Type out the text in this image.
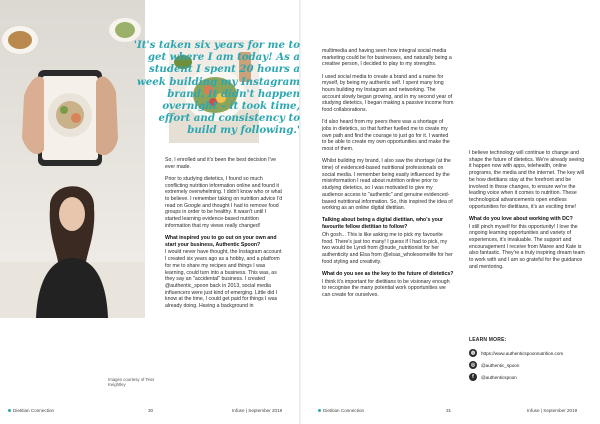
'It's taken six years for me to get where I am today! As a student I spent 20 hours a week building my Instagram brand. It didn't happen overnight – it took time, effort and consistency to build my following.'

So, I enrolled and it's been the best decision I've ever made.

Prior to studying dietetics, I found so much conflicting nutrition information online and found it extremely overwhelming. I didn't know who or what to believe. I remember taking on nutrition advice I'd read on Google and thought I had to remove food groups in order to be healthy. It wasn't until I started learning evidence-based nutrition information that my views really changed!

What inspired you to go out on your own and start your business, Authentic Spoon?

I would never have thought, the Instagram account I created six years ago as a hobby, and a platform for me to share my recipes and things I was learning, could turn into a business. This was, as they say an "accidental" business. I created @authentic_spoon back in 2013, social media influencers were just kind of emerging. Little did I know at the time, I could get paid for things I was already doing. Having a background in

multimedia and having seen how integral social media marketing could be for businesses, and naturally being a creative person, I decided to play to my strengths.

I used social media to create a brand and a name for myself, by being my authentic self. I spent many long hours building my Instagram and networking. The account slowly began growing, and in my second year of studying dietetics, I began making a passive income from food collaborations.

I'd also heard from my peers there was a shortage of jobs in dietetics, so that further fuelled me to create my own path and find the courage to just go for it. I wanted to be able to create my own opportunities and make the most of them.

Whilst building my brand, I also saw the shortage (at the time) of evidenced-based nutritional professionals on social media. I remember being easily influenced by the misinformation I read about nutrition online prior to studying dietetics, so I was motivated to give my audience access to "authentic" and genuine evidenced-based nutritional information. So, this inspired the idea of working as an online digital dietitian.

Talking about being a digital dietitian, who's your favourite fellow dietitian to follow?

Oh gosh... This is like asking me to pick my favourite food. There's just too many! I guess if I had to pick, my two would be Lyndi from @nude_nutritionist for her authenticity and Elsa from @elsas_wholesomelife for her food styling and creativity.

What do you see as the key to the future of dietetics?

I think it's important for dietitians to be visionary enough to recognise the many potential work opportunities we can create for ourselves.

I believe technology will continue to change and shape the future of dietetics. We're already seeing it happen now with apps, telehealth, online programs, the media and the internet. The key will be how dietitians stay at the forefront and be involved in these changes, to ensure we're the leading voice when it comes to nutrition. These technological advancements open endless opportunities for dietitians, it's an exciting time!

What do you love about working with DC?

I still pinch myself for this opportunity! I love the ongoing learning opportunities and variety of experiences, it's invaluable. The support and encouragement I receive from Maree and Kate is also fantastic. They're a truly inspiring dream team to work with and I am so grateful for the guidance and mentoring.

LEARN MORE:
◍	https://www.authenticspoonnutrition.com
◎	@authentic_spoon
f	@authenticspoon
Images courtesy of Tess Keightley
Dietitian Connection	30	Infuse | September 2019	Dietitian Connection	31	Infuse | September 2019
